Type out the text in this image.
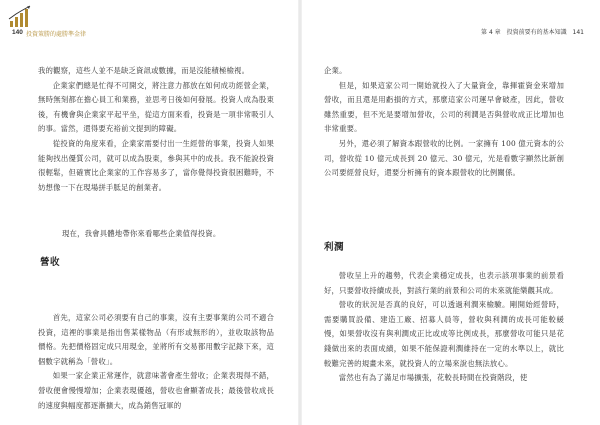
140 投資策勝的處勝準金律	第 4 章 投資前要有的基本知識 141

我的觀察，這些人並不是缺乏資訊或數據，而是沒能積極檢視。

企業家們總是忙得不可開交，將注意力都放在如何成功經營企業，無時無刻都在擔心員工和業務，並思考日後如何發展。投資人成為股東後，有機會與企業家平起平坐，從這方面來看，投資是一項非常吸引人的事。當然，還得要充裕前文提到的障礙。

從投資的角度來看，企業家需要付出一生經營的事業，投資人如果能夠找出優質公司，就可以成為股東，參與其中的成長。我不能說投資很輕鬆，但確實比企業家的工作容易多了，當你覺得投資很困難時，不妨想像一下在現場拼手胝足的創業者。

現在，我會具體地帶你來看哪些企業值得投資。

營收

首先，這家公司必須要有自己的事業，沒有主要事業的公司不適合投資，這裡的事業是指出售某樣物品（有形或無形的），並收取該物品價格。先把價格固定成只用現金，並將所有交易都用數字記錄下來，這個數字就稱為「營收」。

如果一家企業正常運作，就意味著會產生營收；企業表現得不錯，營收便會慢慢增加；企業表現優越，營收也會顯著成長；最後營收成長的速度與幅度都逐漸擴大，成為銷售冠軍的

企業。

但是，如果這家公司一開始就投入了大量資金，靠揮霍資金來增加營收，而且還是用虧損的方式，那麼這家公司運早會破產，因此，營收雖然重要，但不光是要增加營收，公司的利潤是否與營收成正比增加也非常重要。

另外，還必須了解資本跟營收的比例。一家擁有 100 億元資本的公司，營收從 10 億元成長到 20 億元、30 億元，光是看數字顯然比新創公司要經營良好，還要分析擁有的資本跟營收的比例關係。

利潤

營收呈上升的趨勢，代表企業穩定成長，也表示該項事業的前景看好，只要營收持續成長，對該行業的前景和公司的未來就能樂觀其成。

營收的狀況是否真的良好，可以透過利潤來檢驗。剛開始經營時，需要購買設備、建造工廠、招募人員等，營收與利潤的成長可能較緩慢，如果營收沒有與利潤成正比或成等比例成長，那麼營收可能只是花錢做出來的表面成績，如果不能保證利潤維持在一定的水準以上，就比較難完善的規畫未來，就投資人的立場來說也無法放心。

當然也有為了滿足市場擴張，花較長時間在投資階段，使
